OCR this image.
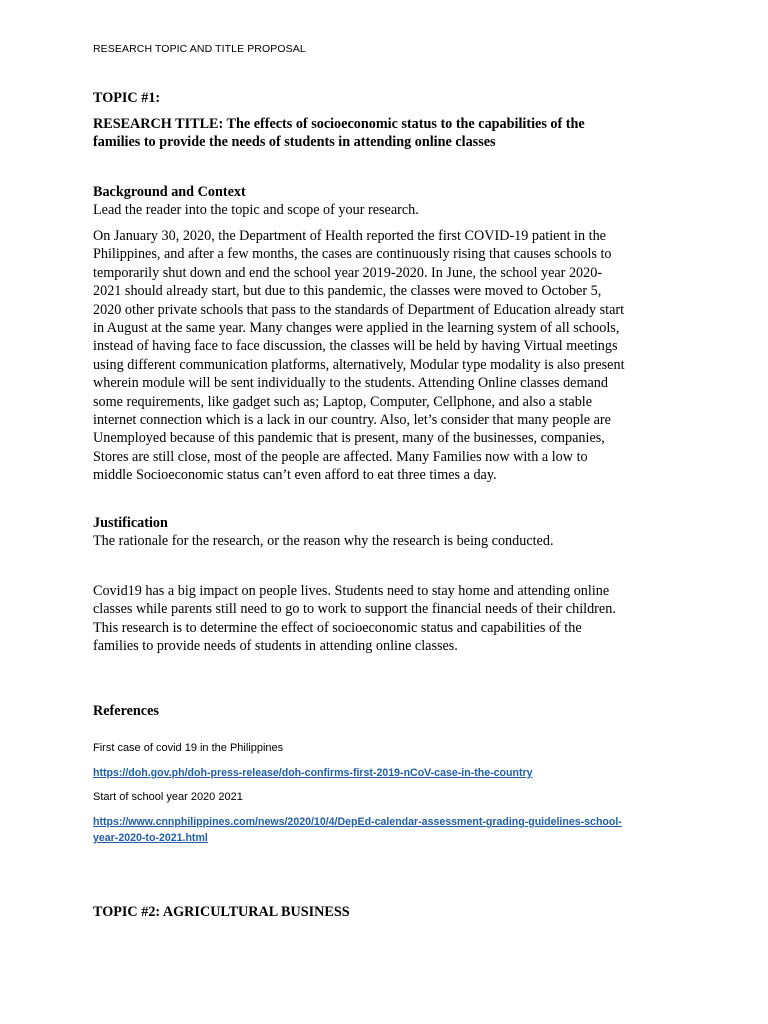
RESEARCH TOPIC AND TITLE PROPOSAL
TOPIC #1:
RESEARCH TITLE: The effects of socioeconomic status to the capabilities of the
families to provide the needs of students in attending online classes
Background and Context
Lead the reader into the topic and scope of your research.
On January 30, 2020, the Department of Health reported the first COVID-19 patient in the
Philippines, and after a few months, the cases are continuously rising that causes schools to
temporarily shut down and end the school year 2019-2020. In June, the school year 2020-
2021 should already start, but due to this pandemic, the classes were moved to October 5,
2020 other private schools that pass to the standards of Department of Education already start
in August at the same year. Many changes were applied in the learning system of all schools,
instead of having face to face discussion, the classes will be held by having Virtual meetings
using different communication platforms, alternatively, Modular type modality is also present
wherein module will be sent individually to the students. Attending Online classes demand
some requirements, like gadget such as; Laptop, Computer, Cellphone, and also a stable
internet connection which is a lack in our country. Also, let’s consider that many people are
Unemployed because of this pandemic that is present, many of the businesses, companies,
Stores are still close, most of the people are affected. Many Families now with a low to
middle Socioeconomic status can’t even afford to eat three times a day.
Justification
The rationale for the research, or the reason why the research is being conducted.
Covid19 has a big impact on people lives. Students need to stay home and attending online
classes while parents still need to go to work to support the financial needs of their children.
This research is to determine the effect of socioeconomic status and capabilities of the
families to provide needs of students in attending online classes.
References
First case of covid 19 in the Philippines
https://doh.gov.ph/doh-press-release/doh-confirms-first-2019-nCoV-case-in-the-country
Start of school year 2020 2021
https://www.cnnphilippines.com/news/2020/10/4/DepEd-calendar-assessment-grading-guidelines-school-
year-2020-to-2021.html
TOPIC #2: AGRICULTURAL BUSINESS
